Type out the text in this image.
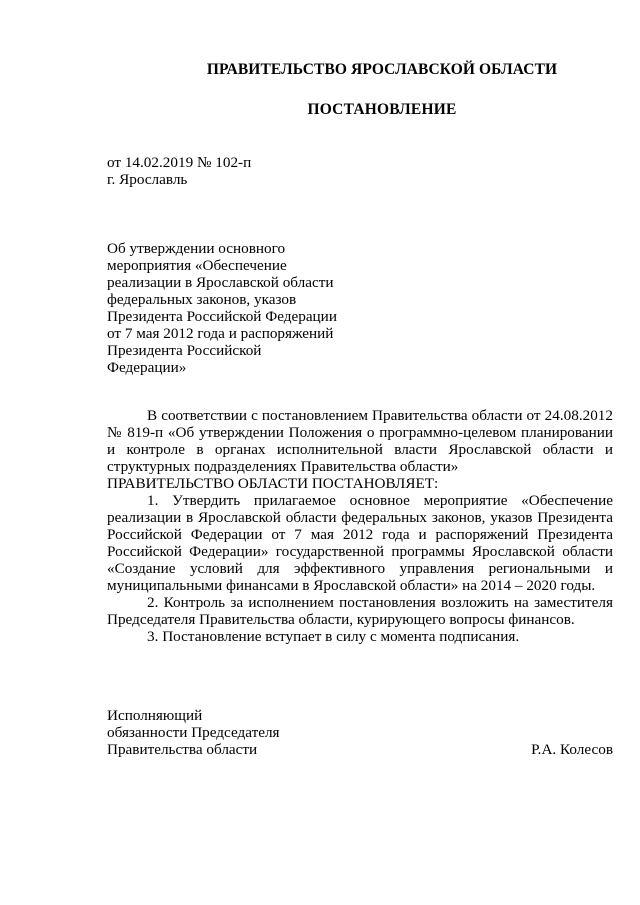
ПРАВИТЕЛЬСТВО ЯРОСЛАВСКОЙ ОБЛАСТИ
ПОСТАНОВЛЕНИЕ
от 14.02.2019 № 102-п
г. Ярославль
Об утверждении основного
мероприятия «Обеспечение
реализации в Ярославской области
федеральных законов, указов
Президента Российской Федерации
от 7 мая 2012 года и распоряжений
Президента Российской
Федерации»

В соответствии с постановлением Правительства области от 24.08.2012 № 819-п «Об утверждении Положения о программно-целевом планировании и контроле в органах исполнительной власти Ярославской области и структурных подразделениях Правительства области»

ПРАВИТЕЛЬСТВО ОБЛАСТИ ПОСТАНОВЛЯЕТ:

1. Утвердить прилагаемое основное мероприятие «Обеспечение реализации в Ярославской области федеральных законов, указов Президента Российской Федерации от 7 мая 2012 года и распоряжений Президента Российской Федерации» государственной программы Ярославской области «Создание условий для эффективного управления региональными и муниципальными финансами в Ярославской области» на 2014 – 2020 годы.

2. Контроль за исполнением постановления возложить на заместителя Председателя Правительства области, курирующего вопросы финансов.

3. Постановление вступает в силу с момента подписания.

Исполняющий
обязанности Председателя
Правительства области	Р.А. Колесов
